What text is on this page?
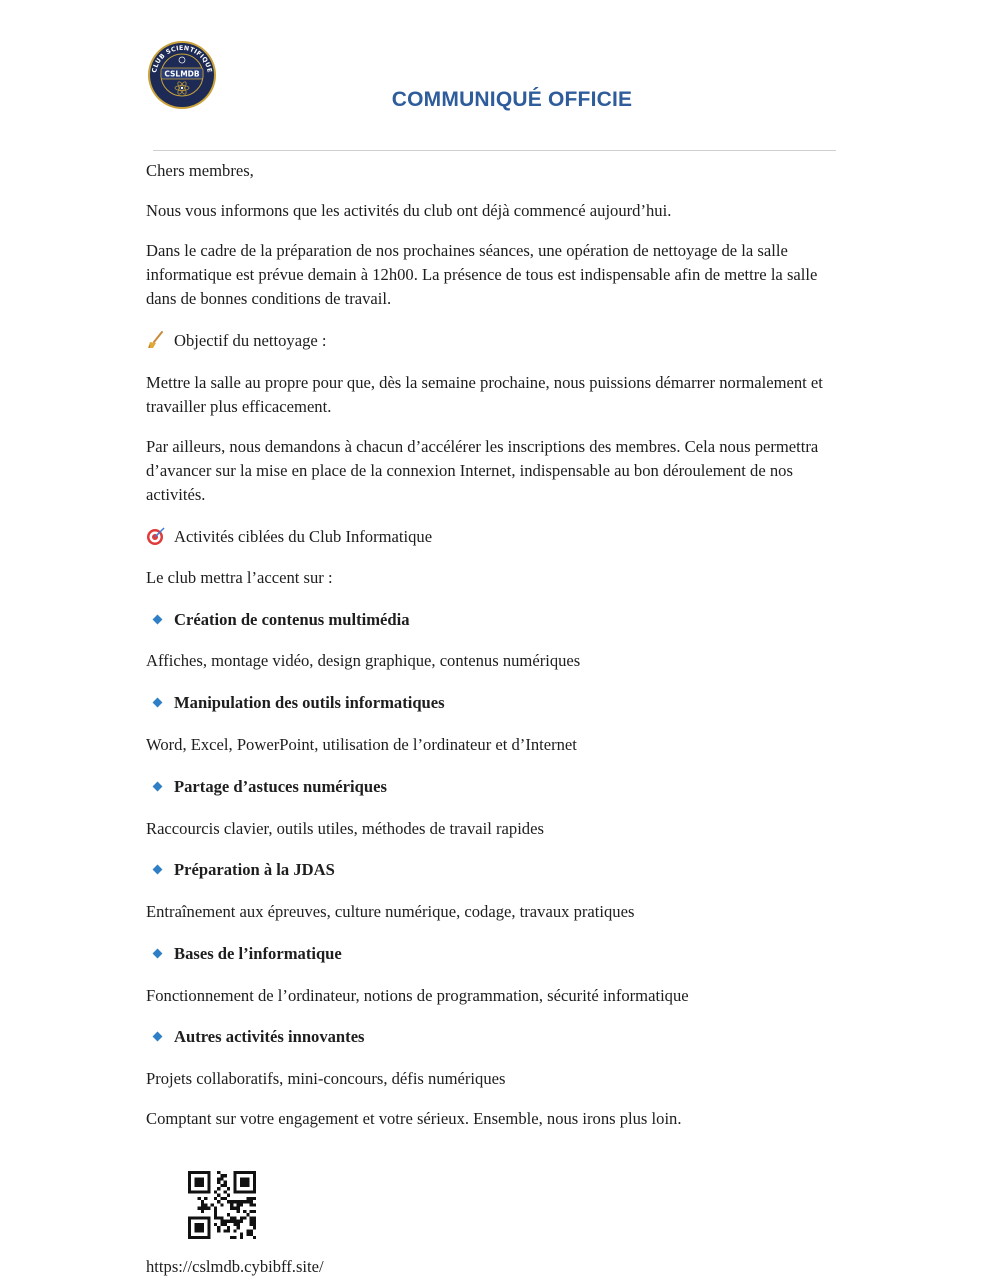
CLUB SCIENTIFIQUE
CSLMDB
COMMUNIQUÉ OFFICIE

Chers membres,

Nous vous informons que les activités du club ont déjà commencé aujourd’hui.

Dans le cadre de la préparation de nos prochaines séances, une opération de nettoyage de la salle informatique est prévue demain à 12h00. La présence de tous est indispensable afin de mettre la salle dans de bonnes conditions de travail.

Objectif du nettoyage :

Mettre la salle au propre pour que, dès la semaine prochaine, nous puissions démarrer normalement et travailler plus efficacement.

Par ailleurs, nous demandons à chacun d’accélérer les inscriptions des membres. Cela nous permettra d’avancer sur la mise en place de la connexion Internet, indispensable au bon déroulement de nos activités.

Activités ciblées du Club Informatique

Le club mettra l’accent sur :

Création de contenus multimédia

Affiches, montage vidéo, design graphique, contenus numériques

Manipulation des outils informatiques

Word, Excel, PowerPoint, utilisation de l’ordinateur et d’Internet

Partage d’astuces numériques

Raccourcis clavier, outils utiles, méthodes de travail rapides

Préparation à la JDAS

Entraînement aux épreuves, culture numérique, codage, travaux pratiques

Bases de l’informatique

Fonctionnement de l’ordinateur, notions de programmation, sécurité informatique

Autres activités innovantes

Projets collaboratifs, mini-concours, défis numériques

Comptant sur votre engagement et votre sérieux. Ensemble, nous irons plus loin.

https://cslmdb.cybibff.site/
